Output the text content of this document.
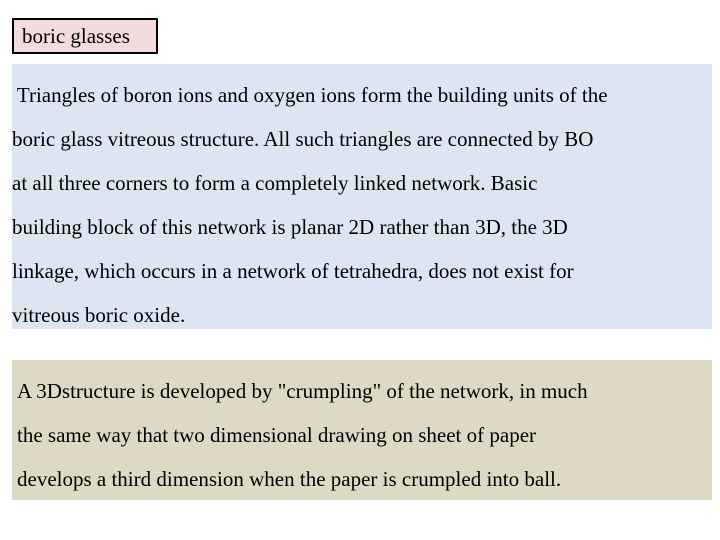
boric glasses
Triangles of boron ions and oxygen ions form the building units of the
boric glass vitreous structure. All such triangles are connected by BO
at all three corners to form a completely linked network. Basic
building block of this network is planar 2D rather than 3D, the 3D
linkage, which occurs in a network of tetrahedra, does not exist for
vitreous boric oxide.
A 3Dstructure is developed by "crumpling" of the network, in much
the same way that two dimensional drawing on sheet of paper
develops a third dimension when the paper is crumpled into ball.
